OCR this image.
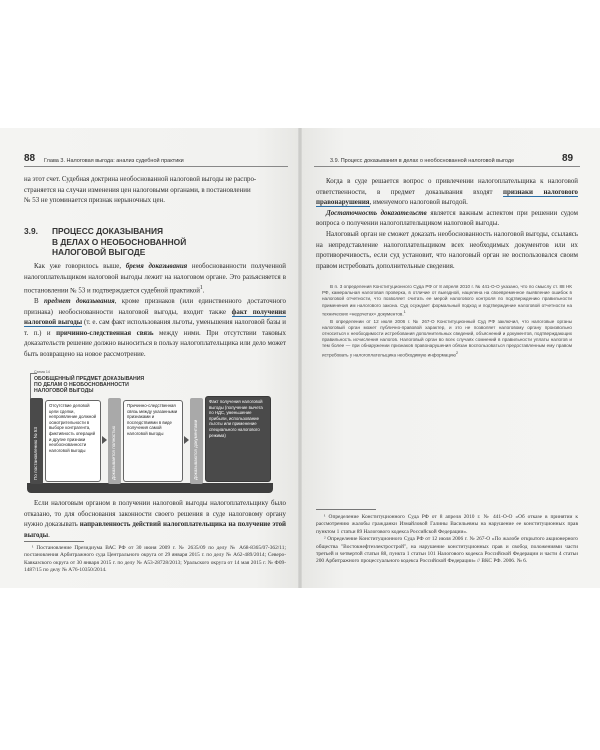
88 Глава 3. Налоговая выгода: анализ судебной практики
на этот счет. Судебная доктрина необоснованной налоговой выгоды не распро-
страняется на случаи изменения цен налоговыми органами, в постановлении
№ 53 не упоминается признак нерыночных цен.
3.9. ПРОЦЕСС ДОКАЗЫВАНИЯ
В ДЕЛАХ О НЕОБОСНОВАННОЙ
НАЛОГОВОЙ ВЫГОДЕ

Как уже говорилось выше, бремя доказывания необоснованности полученной налогоплательщиком налоговой выгоды лежит на налоговом органе. Это разъясняется в постановлении № 53 и подтверждается судебной практикой$^1$.

В предмет доказывания, кроме признаков (или единственного достаточного признака) необоснованности налоговой выгоды, входит также факт получения налоговой выгоды (т. е. сам факт использования льготы, уменьшения налоговой базы и т. п.) и причинно-следственная связь между ними. При отсутствии таковых доказательств решение должно выноситься в пользу налогоплательщика или дело может быть возвращено на новое рассмотрение.

Схема 14
ОБОБЩЕННЫЙ ПРЕДМЕТ ДОКАЗЫВАНИЯ
ПО ДЕЛАМ О НЕОБОСНОВАННОСТИ
НАЛОГОВОЙ ВЫГОДЫ
По постановлению № 53
Отсутствие деловой цели сделки, непроявление должной осмотрительности в выборе контрагента, фиктивность операций и другие признаки необоснованности налоговой выгоды	Доказывается полностью
Причинно-следственная связь между указанными признаками и последствиями в виде получения самой налоговой выгоды	Доказываются документами
Факт получения налоговой выгоды (получение вычета по НДС, уменьшение прибыли, использование льготы или применение специального налогового режима)

Если налоговым органом в получении налоговой выгоды налогоплательщику было отказано, то для обоснования законности своего решения в суде налоговому органу нужно доказывать направленность действий налогоплательщика на получение этой выгоды.

¹ Постановление Президиума ВАС РФ от 30 июня 2009 г. № 2635/09 по делу № А68-8365/07-362/11; постановления Арбитражного суда Центрального округа от 29 января 2015 г. по делу № А62-489/2014; Северо-Кавказского округа от 30 января 2015 г. по делу № А53-28728/2013; Уральского округа от 14 мая 2015 г. № Ф09-1487/15 по делу № А76-10350/2014.

3.9. Процесс доказывания в делах о необоснованной налоговой выгоде	89

Когда в суде решается вопрос о привлечении налогоплательщика к налоговой ответственности, в предмет доказывания входят признаки налогового правонарушения, именуемого налоговой выгодой.

Достаточность доказательств является важным аспектом при решении судом вопроса о получении налогоплательщиком налоговой выгоды.

Налоговый орган не сможет доказать необоснованность налоговой выгоды, ссылаясь на непредставление налогоплательщиком всех необходимых документов или их противоречивость, если суд установит, что налоговый орган не воспользовался своим правом истребовать дополнительные сведения.

В п. 3 определения Конституционного Суда РФ от 8 апреля 2010 г. № 441-О-О указано, что по смыслу ст. 88 НК РФ, камеральная налоговая проверка, в отличие от выездной, нацелена на своевременное выявление ошибок в налоговой отчетности, что позволяет считать ее мерой налогового контроля по подтверждению правильности применения им налогового закона. Суд осуждает формальный подход и подтверждение налоговой отчетности на технических «недочетах» документов.$^1$

В определении от 12 июля 2006 г. № 267-О Конституционный Суд РФ заключил, что налоговые органы налоговый орган может публично-правовой характер, и это не позволяет налоговому органу произвольно относиться к необходимости истребования дополнительных сведений, объяснений и документов, подтверждающих правильность исчисления налогов. Налоговый орган во всех случаях сомнений в правильности уплаты налогов и тем более — при обнаружении признаков правонарушения обязан воспользоваться предоставленным ему правом истребовать у налогоплательщика необходимую информацию$^2$

¹ Определение Конституционного Суда РФ от 8 апреля 2010 г. № 441-О-О «Об отказе в принятии к рассмотрению жалобы гражданки Измайловой Галины Васильевны на нарушение ее конституционных прав пунктом 1 статьи 89 Налогового кодекса Российской Федерации».

² Определение Конституционного Суда РФ от 12 июля 2006 г. № 267-О «По жалобе открытого акционерного общества "Востокнефтеэлектрострой", на нарушение конституционных прав и свобод положениями части третьей и четвертой статьи 88, пункта 1 статьи 101 Налогового кодекса Российской Федерации и части 4 статьи 200 Арбитражного процессуального кодекса Российской Федерации» // ВКС РФ. 2006. № 6.
